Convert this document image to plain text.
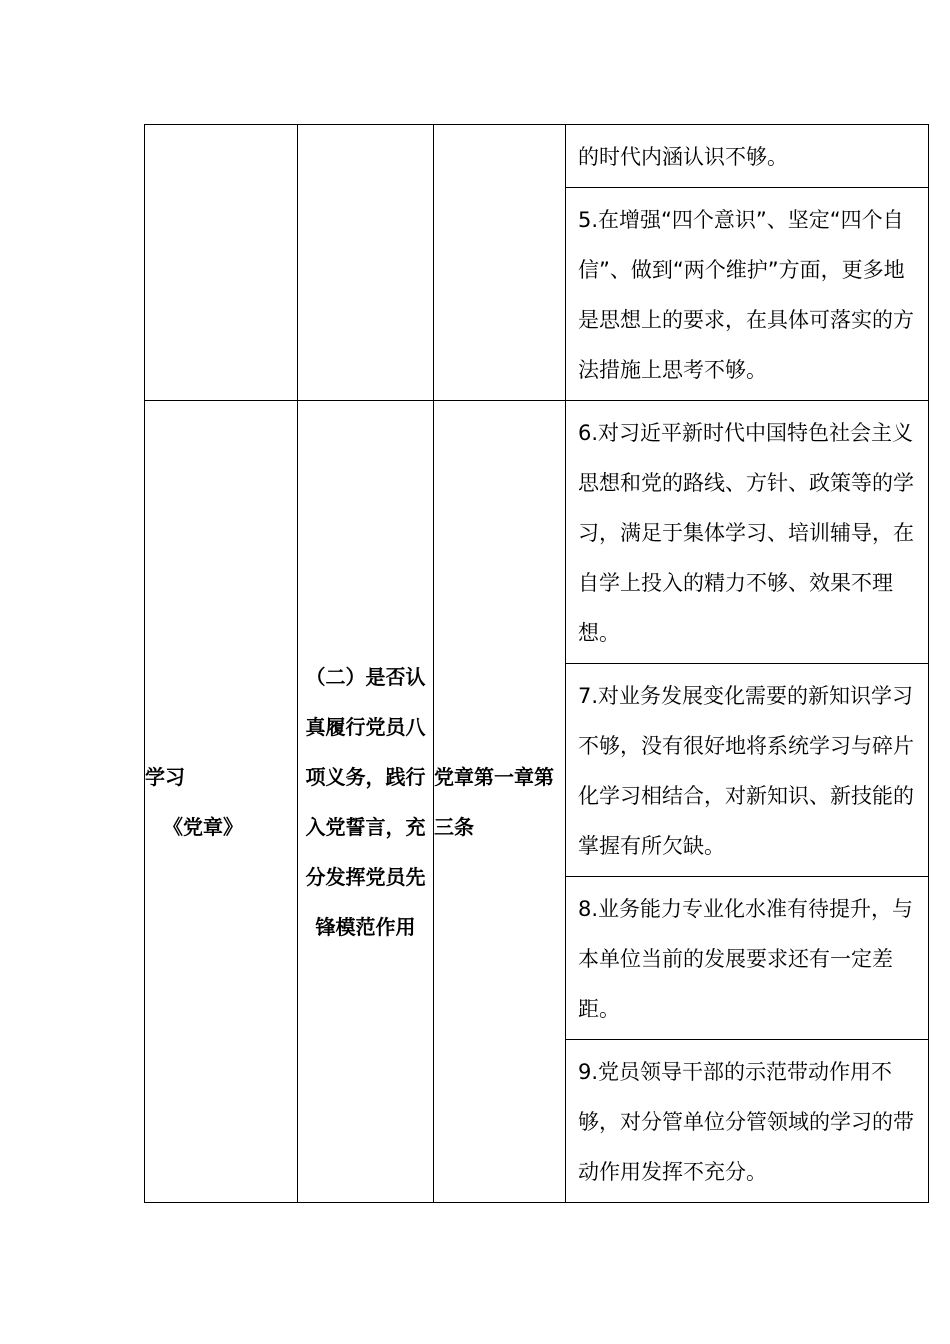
			的时代内涵认识不够。

			5.在增强“四个意识”、坚定“四个自信”、做到“两个维护”方面，更多地是思想上的要求，在具体可落实的方法措施上思考不够。

学习
《党章》	（二）是否认真履行党员八项义务，践行入党誓言，充分发挥党员先锋模范作用	党章第一章第三条	6.对习近平新时代中国特色社会主义思想和党的路线、方针、政策等的学习，满足于集体学习、培训辅导，在自学上投入的精力不够、效果不理想。

			7.对业务发展变化需要的新知识学习不够，没有很好地将系统学习与碎片化学习相结合，对新知识、新技能的掌握有所欠缺。

			8.业务能力专业化水准有待提升，与本单位当前的发展要求还有一定差距。

			9.党员领导干部的示范带动作用不够，对分管单位分管领域的学习的带动作用发挥不充分。
